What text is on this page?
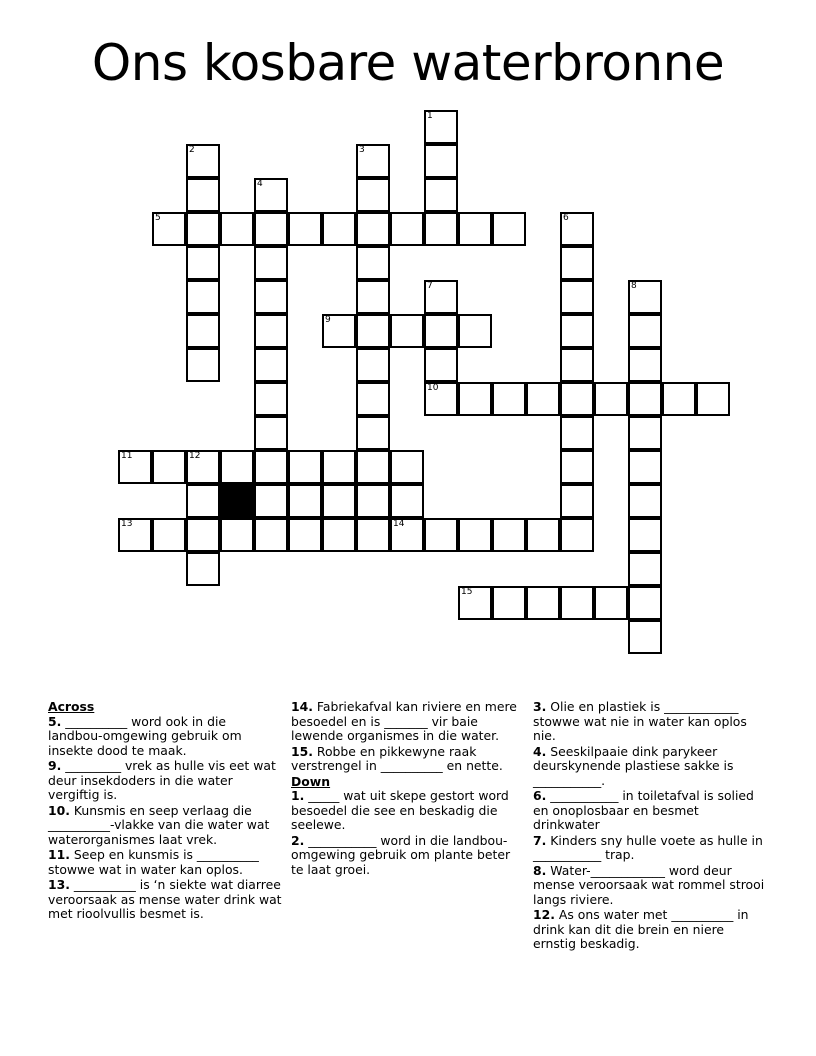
Ons kosbare waterbronne
1
2	3
4
5	6
7	8
9
10
11	12
13	14
15
Across
5. __________ word ook in die landbou-omgewing gebruik om insekte dood te maak.
9. _________ vrek as hulle vis eet wat deur insekdoders in die water vergiftig is.
10. Kunsmis en seep verlaag die __________-vlakke van die water wat waterorganismes laat vrek.
11. Seep en kunsmis is __________ stowwe wat in water kan oplos.
13. __________ is ‘n siekte wat diarree veroorsaak as mense water drink wat met rioolvullis besmet is.
14. Fabriekafval kan riviere en mere besoedel en is _______ vir baie lewende organismes in die water.
15. Robbe en pikkewyne raak verstrengel in __________ en nette.
Down
1. _____ wat uit skepe gestort word besoedel die see en beskadig die seelewe.
2. ___________ word in die landbou-omgewing gebruik om plante beter te laat groei.
3. Olie en plastiek is ____________ stowwe wat nie in water kan oplos nie.
4. Seeskilpaaie dink parykeer deurskynende plastiese sakke is ___________.
6. ___________ in toiletafval is solied en onoplosbaar en besmet drinkwater
7. Kinders sny hulle voete as hulle in ___________ trap.
8. Water-____________ word deur mense veroorsaak wat rommel strooi langs riviere.
12. As ons water met __________ in drink kan dit die brein en niere ernstig beskadig.
